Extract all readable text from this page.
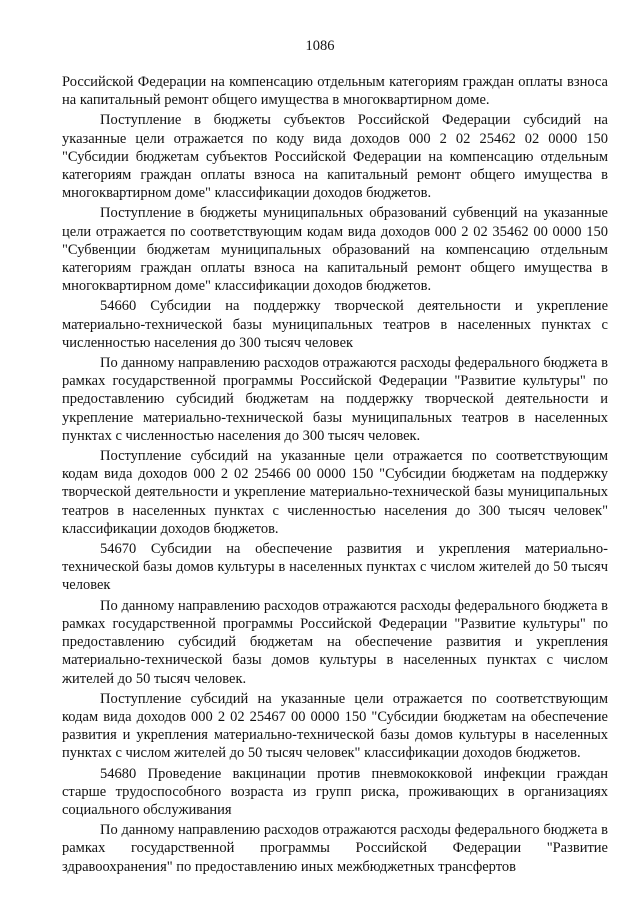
1086

Российской Федерации на компенсацию отдельным категориям граждан оплаты взноса на капитальный ремонт общего имущества в многоквартирном доме.

Поступление в бюджеты субъектов Российской Федерации субсидий на указанные цели отражается по коду вида доходов 000 2 02 25462 02 0000 150 "Субсидии бюджетам субъектов Российской Федерации на компенсацию отдельным категориям граждан оплаты взноса на капитальный ремонт общего имущества в многоквартирном доме" классификации доходов бюджетов.

Поступление в бюджеты муниципальных образований субвенций на указанные цели отражается по соответствующим кодам вида доходов 000 2 02 35462 00 0000 150 "Субвенции бюджетам муниципальных образований на компенсацию отдельным категориям граждан оплаты взноса на капитальный ремонт общего имущества в многоквартирном доме" классификации доходов бюджетов.

54660 Субсидии на поддержку творческой деятельности и укрепление материально-технической базы муниципальных театров в населенных пунктах с численностью населения до 300 тысяч человек

По данному направлению расходов отражаются расходы федерального бюджета в рамках государственной программы Российской Федерации "Развитие культуры" по предоставлению субсидий бюджетам на поддержку творческой деятельности и укрепление материально-технической базы муниципальных театров в населенных пунктах с численностью населения до 300 тысяч человек.

Поступление субсидий на указанные цели отражается по соответствующим кодам вида доходов 000 2 02 25466 00 0000 150 "Субсидии бюджетам на поддержку творческой деятельности и укрепление материально-технической базы муниципальных театров в населенных пунктах с численностью населения до 300 тысяч человек" классификации доходов бюджетов.

54670 Субсидии на обеспечение развития и укрепления материально-технической базы домов культуры в населенных пунктах с числом жителей до 50 тысяч человек

По данному направлению расходов отражаются расходы федерального бюджета в рамках государственной программы Российской Федерации "Развитие культуры" по предоставлению субсидий бюджетам на обеспечение развития и укрепления материально-технической базы домов культуры в населенных пунктах с числом жителей до 50 тысяч человек.

Поступление субсидий на указанные цели отражается по соответствующим кодам вида доходов 000 2 02 25467 00 0000 150 "Субсидии бюджетам на обеспечение развития и укрепления материально-технической базы домов культуры в населенных пунктах с числом жителей до 50 тысяч человек" классификации доходов бюджетов.

54680 Проведение вакцинации против пневмококковой инфекции граждан старше трудоспособного возраста из групп риска, проживающих в организациях социального обслуживания

По данному направлению расходов отражаются расходы федерального бюджета в рамках государственной программы Российской Федерации "Развитие здравоохранения" по предоставлению иных межбюджетных трансфертов
